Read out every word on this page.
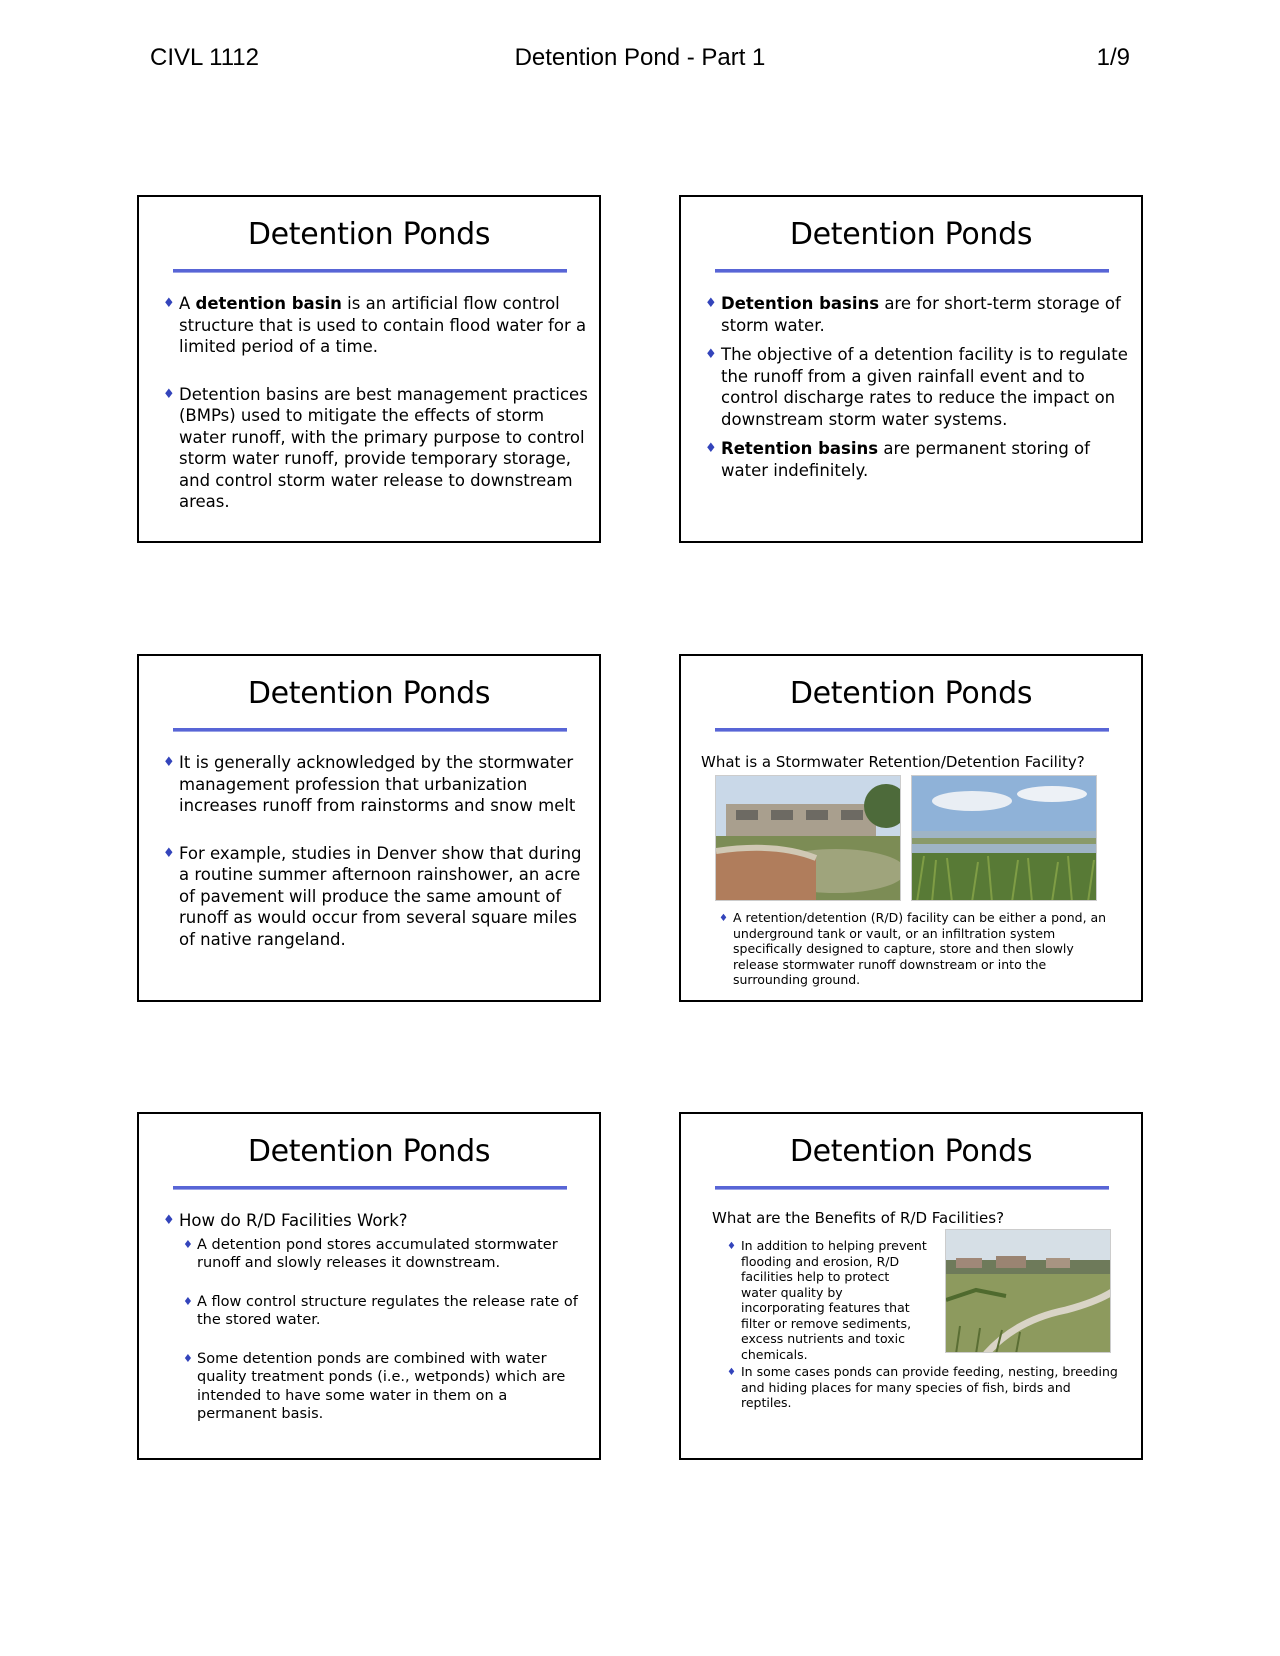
Detention Pond - Part 1
CIVL 1112	1/9
Detention Ponds
♦ A detention basin is an artificial flow control structure that is used to contain flood water for a limited period of a time.
♦ Detention basins are best management practices (BMPs) used to mitigate the effects of storm water runoff, with the primary purpose to control storm water runoff, provide temporary storage, and control storm water release to downstream areas.
Detention Ponds
♦ Detention basins are for short-term storage of storm water.
♦ The objective of a detention facility is to regulate the runoff from a given rainfall event and to control discharge rates to reduce the impact on downstream storm water systems.
♦ Retention basins are permanent storing of water indefinitely.
Detention Ponds
♦ It is generally acknowledged by the stormwater management profession that urbanization increases runoff from rainstorms and snow melt
♦ For example, studies in Denver show that during a routine summer afternoon rainshower, an acre of pavement will produce the same amount of runoff as would occur from several square miles of native rangeland.
Detention Ponds
What is a Stormwater Retention/Detention Facility?
♦ A retention/detention (R/D) facility can be either a pond, an underground tank or vault, or an infiltration system specifically designed to capture, store and then slowly release stormwater runoff downstream or into the surrounding ground.
Detention Ponds
♦ How do R/D Facilities Work?
♦ A detention pond stores accumulated stormwater runoff and slowly releases it downstream.
♦ A flow control structure regulates the release rate of the stored water.
♦ Some detention ponds are combined with water quality treatment ponds (i.e., wetponds) which are intended to have some water in them on a permanent basis.
Detention Ponds
What are the Benefits of R/D Facilities?
♦ In addition to helping prevent flooding and erosion, R/D facilities help to protect water quality by incorporating features that filter or remove sediments, excess nutrients and toxic chemicals.
♦ In some cases ponds can provide feeding, nesting, breeding and hiding places for many species of fish, birds and reptiles.
